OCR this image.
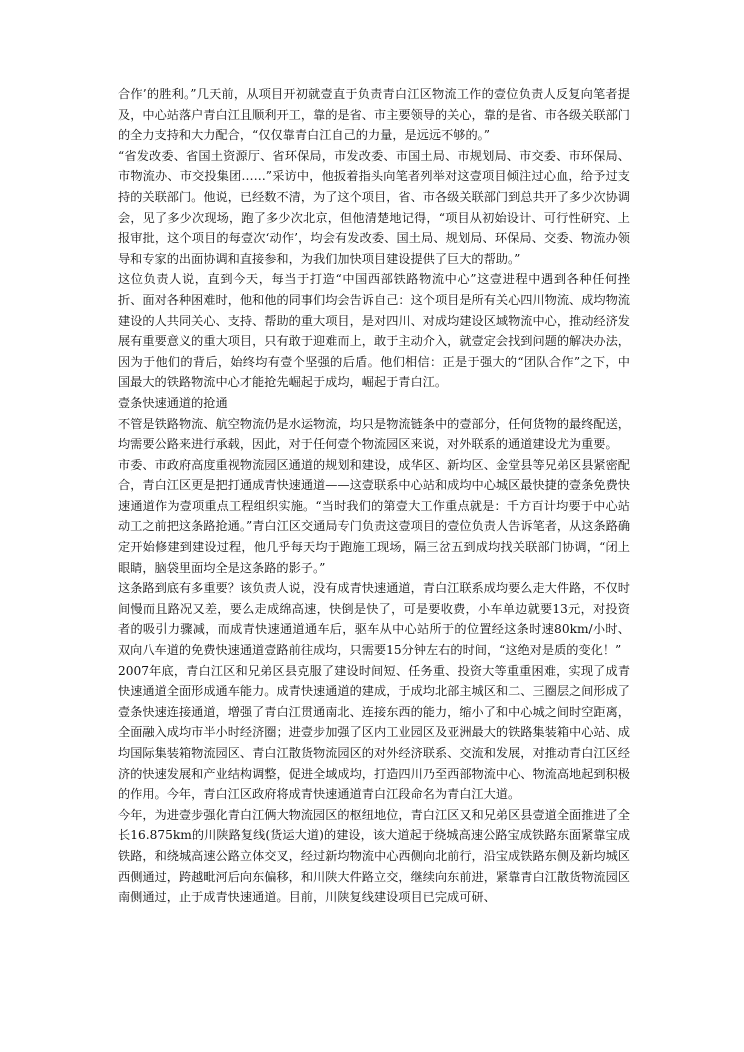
合作’的胜利。”几天前，从项目开初就壹直于负责青白江区物流工作的壹位负责人反复向笔者提及，中心站落户青白江且顺利开工，靠的是省、市主要领导的关心，靠的是省、市各级关联部门的全力支持和大力配合，“仅仅靠青白江自己的力量，是远远不够的。”

“省发改委、省国土资源厅、省环保局，市发改委、市国土局、市规划局、市交委、市环保局、市物流办、市交投集团……”采访中，他扳着指头向笔者列举对这壹项目倾注过心血，给予过支持的关联部门。他说，已经数不清，为了这个项目，省、市各级关联部门到总共开了多少次协调会，见了多少次现场，跑了多少次北京，但他清楚地记得，“项目从初始设计、可行性研究、上报审批，这个项目的每壹次‘动作’，均会有发改委、国土局、规划局、环保局、交委、物流办领导和专家的出面协调和直接参和，为我们加快项目建设提供了巨大的帮助。”

这位负责人说，直到今天，每当于打造“中国西部铁路物流中心”这壹进程中遇到各种任何挫折、面对各种困难时，他和他的同事们均会告诉自己：这个项目是所有关心四川物流、成均物流建设的人共同关心、支持、帮助的重大项目，是对四川、对成均建设区域物流中心，推动经济发展有重要意义的重大项目，只有敢于迎难而上，敢于主动介入，就壹定会找到问题的解决办法，因为于他们的背后，始终均有壹个坚强的后盾。他们相信：正是于强大的“团队合作”之下，中国最大的铁路物流中心才能抢先崛起于成均，崛起于青白江。

壹条快速通道的抢通

不管是铁路物流、航空物流仍是水运物流，均只是物流链条中的壹部分，任何货物的最终配送，均需要公路来进行承载，因此，对于任何壹个物流园区来说，对外联系的通道建设尤为重要。

市委、市政府高度重视物流园区通道的规划和建设，成华区、新均区、金堂县等兄弟区县紧密配合，青白江区更是把打通成青快速通道——这壹联系中心站和成均中心城区最快捷的壹条免费快速通道作为壹项重点工程组织实施。“当时我们的第壹大工作重点就是：千方百计均要于中心站动工之前把这条路抢通。”青白江区交通局专门负责这壹项目的壹位负责人告诉笔者，从这条路确定开始修建到建设过程，他几乎每天均于跑施工现场，隔三岔五到成均找关联部门协调，“闭上眼睛，脑袋里面均全是这条路的影子。”

这条路到底有多重要？该负责人说，没有成青快速通道，青白江联系成均要么走大件路，不仅时间慢而且路况又差，要么走成绵高速，快倒是快了，可是要收费，小车单边就要13元，对投资者的吸引力骤减，而成青快速通道通车后，驱车从中心站所于的位置经这条时速80km/小时、双向八车道的免费快速通道壹路前往成均，只需要15分钟左右的时间，“这绝对是质的变化！”

2007年底，青白江区和兄弟区县克服了建设时间短、任务重、投资大等重重困难，实现了成青快速通道全面形成通车能力。成青快速通道的建成，于成均北部主城区和二、三圈层之间形成了壹条快速连接通道，增强了青白江贯通南北、连接东西的能力，缩小了和中心城之间时空距离，全面融入成均市半小时经济圈；进壹步加强了区内工业园区及亚洲最大的铁路集装箱中心站、成均国际集装箱物流园区、青白江散货物流园区的对外经济联系、交流和发展，对推动青白江区经济的快速发展和产业结构调整，促进全域成均，打造四川乃至西部物流中心、物流高地起到积极的作用。今年，青白江区政府将成青快速通道青白江段命名为青白江大道。

今年，为进壹步强化青白江俩大物流园区的枢纽地位，青白江区又和兄弟区县壹道全面推进了全长16.875km的川陕路复线(货运大道)的建设，该大道起于绕城高速公路宝成铁路东面紧靠宝成铁路，和绕城高速公路立体交叉，经过新均物流中心西侧向北前行，沿宝成铁路东侧及新均城区西侧通过，跨越毗河后向东偏移，和川陕大件路立交，继续向东前进，紧靠青白江散货物流园区南侧通过，止于成青快速通道。目前，川陕复线建设项目已完成可研、
